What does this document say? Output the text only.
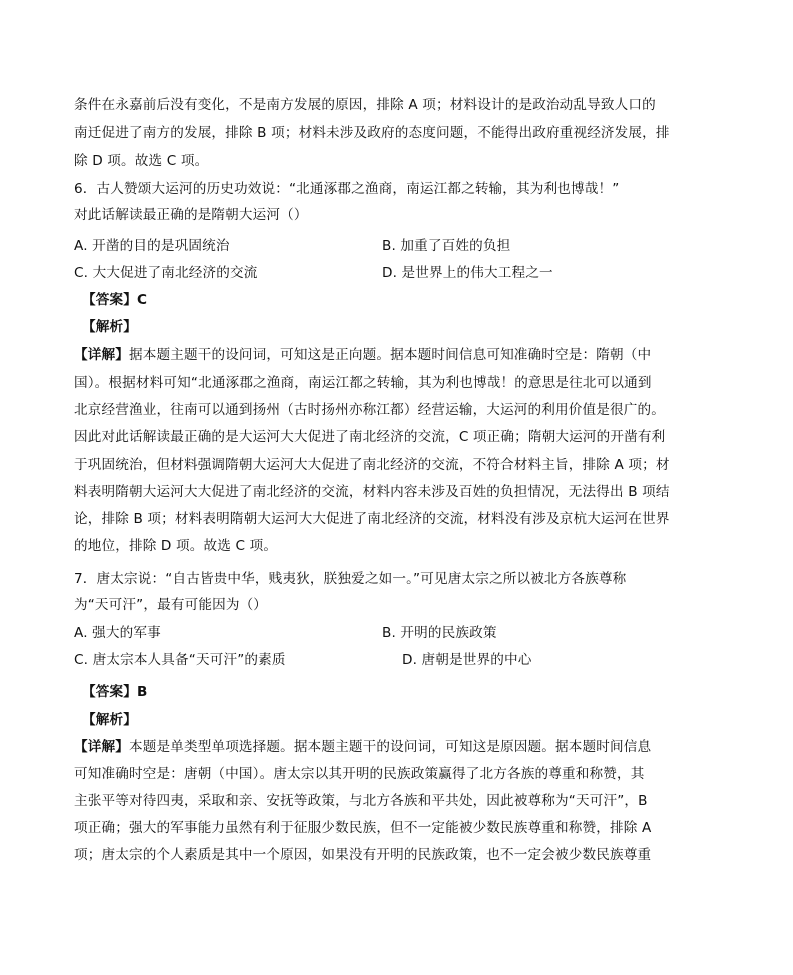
条件在永嘉前后没有变化，不是南方发展的原因，排除 A 项；材料设计的是政治动乱导致人口的
南迁促进了南方的发展，排除 B 项；材料未涉及政府的态度问题，不能得出政府重视经济发展，排
除 D 项。故选 C 项。
6．古人赞颂大运河的历史功效说：“北通涿郡之渔商，南运江都之转输，其为利也博哉！”
对此话解读最正确的是隋朝大运河（）
A. 开凿的目的是巩固统治	B. 加重了百姓的负担
C. 大大促进了南北经济的交流	D. 是世界上的伟大工程之一
【答案】C
【解析】
【详解】据本题主题干的设问词，可知这是正向题。据本题时间信息可知准确时空是：隋朝（中
国）。根据材料可知“北通涿郡之渔商，南运江都之转输，其为利也博哉！的意思是往北可以通到
北京经营渔业，往南可以通到扬州（古时扬州亦称江都）经营运输，大运河的利用价值是很广的。
因此对此话解读最正确的是大运河大大促进了南北经济的交流，C 项正确；隋朝大运河的开凿有利
于巩固统治，但材料强调隋朝大运河大大促进了南北经济的交流，不符合材料主旨，排除 A 项；材
料表明隋朝大运河大大促进了南北经济的交流，材料内容未涉及百姓的负担情况，无法得出 B 项结
论，排除 B 项；材料表明隋朝大运河大大促进了南北经济的交流，材料没有涉及京杭大运河在世界
的地位，排除 D 项。故选 C 项。
7．唐太宗说：“自古皆贵中华，贱夷狄，朕独爱之如一。”可见唐太宗之所以被北方各族尊称
为“天可汗”，最有可能因为（）
A. 强大的军事	B. 开明的民族政策
C. 唐太宗本人具备“天可汗”的素质	D. 唐朝是世界的中心
【答案】B
【解析】
【详解】本题是单类型单项选择题。据本题主题干的设问词，可知这是原因题。据本题时间信息
可知准确时空是：唐朝（中国）。唐太宗以其开明的民族政策赢得了北方各族的尊重和称赞，其
主张平等对待四夷，采取和亲、安抚等政策，与北方各族和平共处，因此被尊称为“天可汗”，B
项正确；强大的军事能力虽然有利于征服少数民族，但不一定能被少数民族尊重和称赞，排除 A
项；唐太宗的个人素质是其中一个原因，如果没有开明的民族政策，也不一定会被少数民族尊重
